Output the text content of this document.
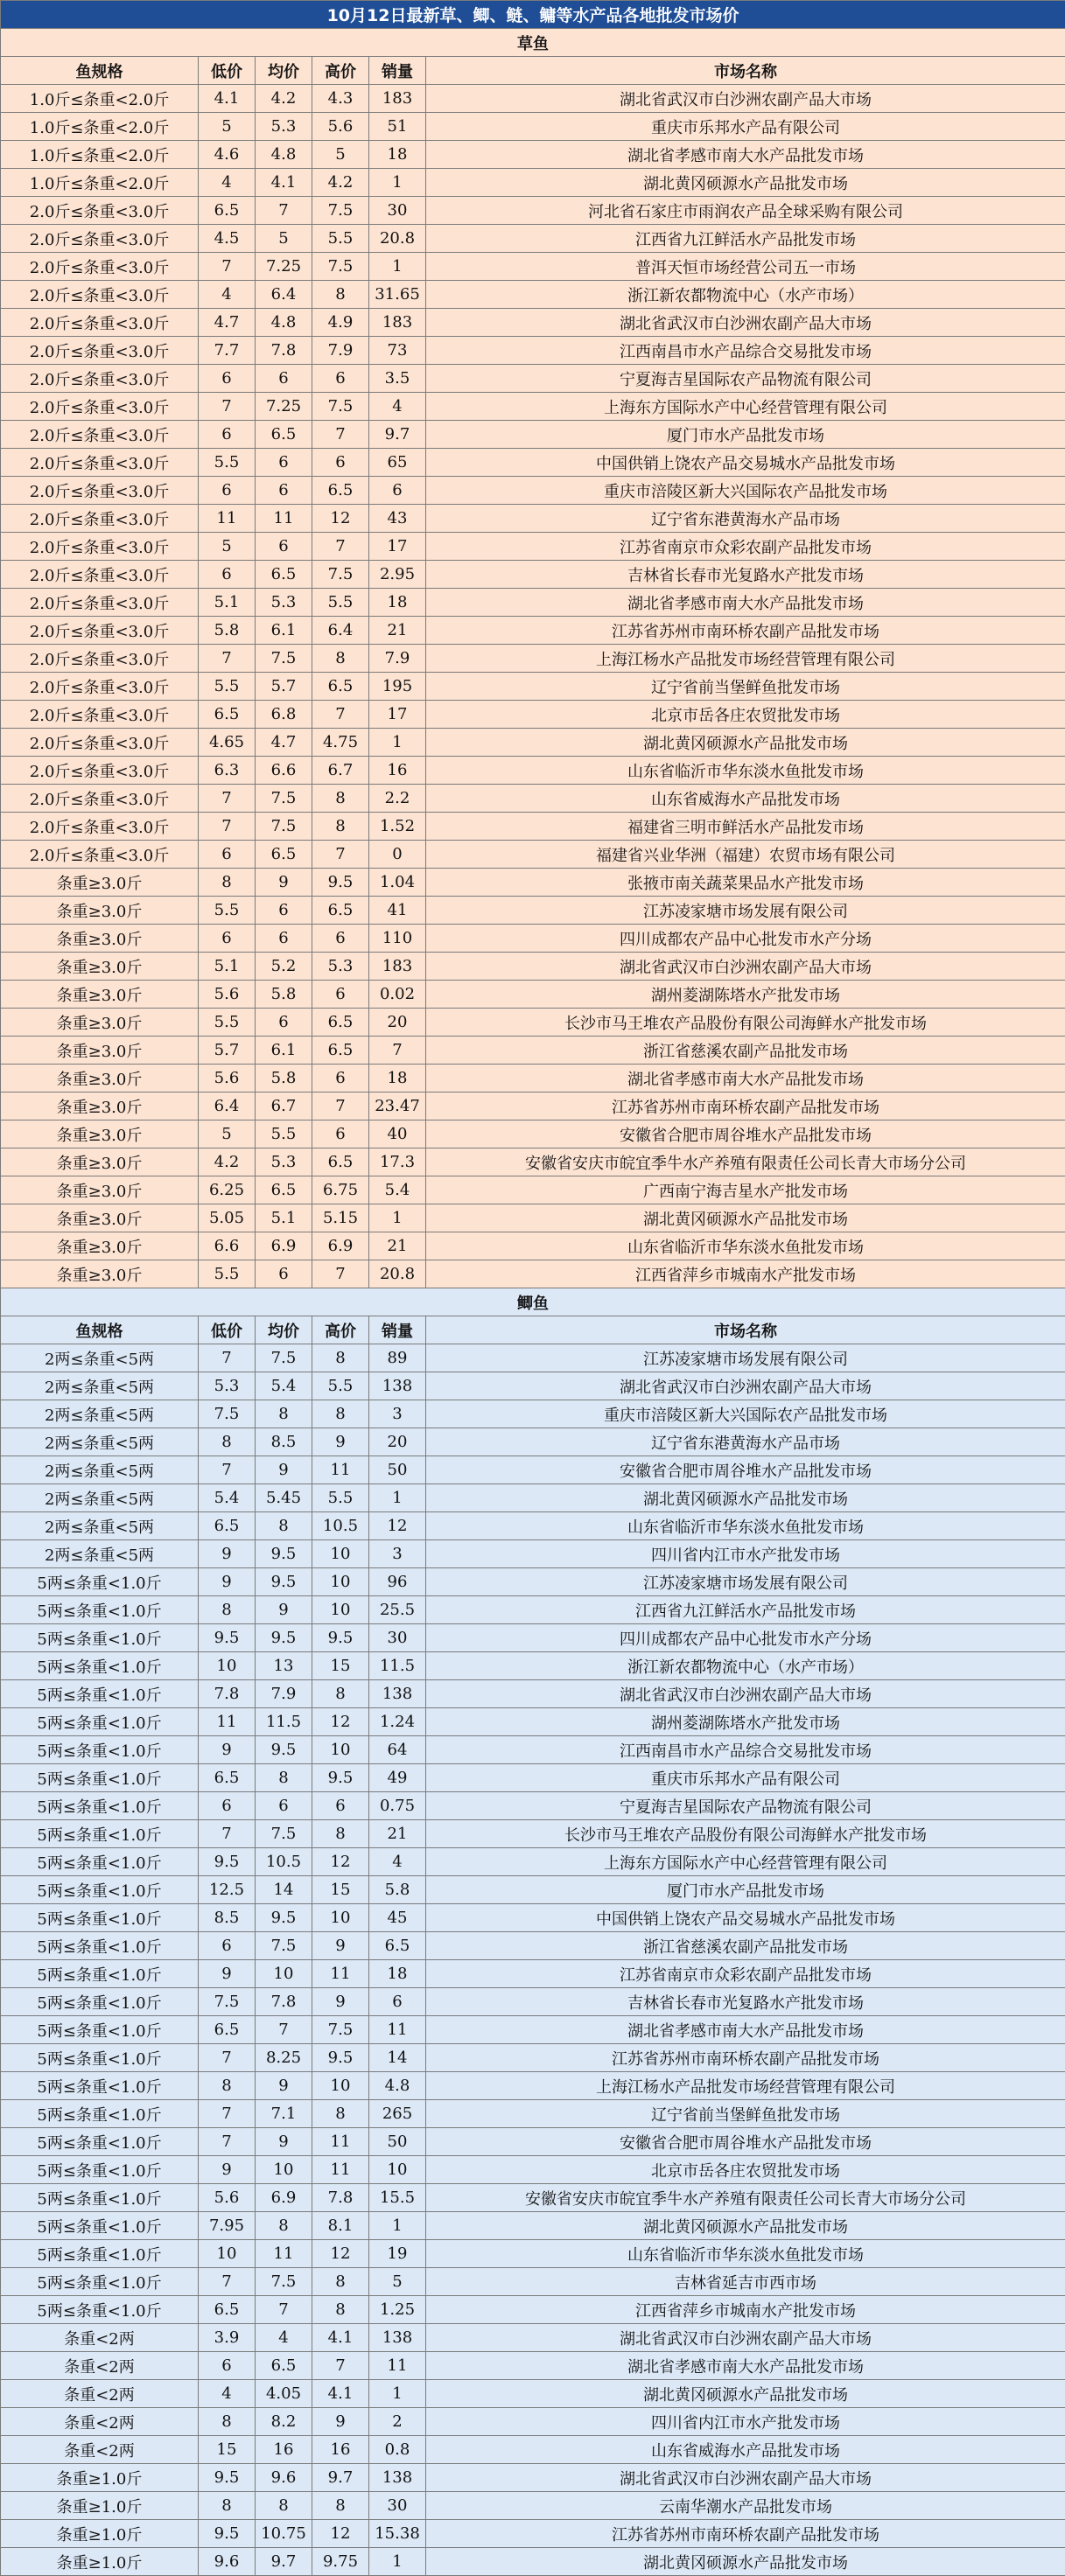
10月12日最新草、鲫、鲢、鳙等水产品各地批发市场价					
草鱼					
鱼规格	低价	均价	高价	销量	市场名称
1.0斤≤条重<2.0斤	4.1	4.2	4.3	183	湖北省武汉市白沙洲农副产品大市场
1.0斤≤条重<2.0斤	5	5.3	5.6	51	重庆市乐邦水产品有限公司
1.0斤≤条重<2.0斤	4.6	4.8	5	18	湖北省孝感市南大水产品批发市场
1.0斤≤条重<2.0斤	4	4.1	4.2	1	湖北黄冈硕源水产品批发市场
2.0斤≤条重<3.0斤	6.5	7	7.5	30	河北省石家庄市雨润农产品全球采购有限公司
2.0斤≤条重<3.0斤	4.5	5	5.5	20.8	江西省九江鲜活水产品批发市场
2.0斤≤条重<3.0斤	7	7.25	7.5	1	普洱天恒市场经营公司五一市场
2.0斤≤条重<3.0斤	4	6.4	8	31.65	浙江新农都物流中心（水产市场）
2.0斤≤条重<3.0斤	4.7	4.8	4.9	183	湖北省武汉市白沙洲农副产品大市场
2.0斤≤条重<3.0斤	7.7	7.8	7.9	73	江西南昌市水产品综合交易批发市场
2.0斤≤条重<3.0斤	6	6	6	3.5	宁夏海吉星国际农产品物流有限公司
2.0斤≤条重<3.0斤	7	7.25	7.5	4	上海东方国际水产中心经营管理有限公司
2.0斤≤条重<3.0斤	6	6.5	7	9.7	厦门市水产品批发市场
2.0斤≤条重<3.0斤	5.5	6	6	65	中国供销上饶农产品交易城水产品批发市场
2.0斤≤条重<3.0斤	6	6	6.5	6	重庆市涪陵区新大兴国际农产品批发市场
2.0斤≤条重<3.0斤	11	11	12	43	辽宁省东港黄海水产品市场
2.0斤≤条重<3.0斤	5	6	7	17	江苏省南京市众彩农副产品批发市场
2.0斤≤条重<3.0斤	6	6.5	7.5	2.95	吉林省长春市光复路水产批发市场
2.0斤≤条重<3.0斤	5.1	5.3	5.5	18	湖北省孝感市南大水产品批发市场
2.0斤≤条重<3.0斤	5.8	6.1	6.4	21	江苏省苏州市南环桥农副产品批发市场
2.0斤≤条重<3.0斤	7	7.5	8	7.9	上海江杨水产品批发市场经营管理有限公司
2.0斤≤条重<3.0斤	5.5	5.7	6.5	195	辽宁省前当堡鲜鱼批发市场
2.0斤≤条重<3.0斤	6.5	6.8	7	17	北京市岳各庄农贸批发市场
2.0斤≤条重<3.0斤	4.65	4.7	4.75	1	湖北黄冈硕源水产品批发市场
2.0斤≤条重<3.0斤	6.3	6.6	6.7	16	山东省临沂市华东淡水鱼批发市场
2.0斤≤条重<3.0斤	7	7.5	8	2.2	山东省威海水产品批发市场
2.0斤≤条重<3.0斤	7	7.5	8	1.52	福建省三明市鲜活水产品批发市场
2.0斤≤条重<3.0斤	6	6.5	7	0	福建省兴业华洲（福建）农贸市场有限公司
条重≥3.0斤	8	9	9.5	1.04	张掖市南关蔬菜果品水产批发市场
条重≥3.0斤	5.5	6	6.5	41	江苏凌家塘市场发展有限公司
条重≥3.0斤	6	6	6	110	四川成都农产品中心批发市水产分场
条重≥3.0斤	5.1	5.2	5.3	183	湖北省武汉市白沙洲农副产品大市场
条重≥3.0斤	5.6	5.8	6	0.02	湖州菱湖陈塔水产批发市场
条重≥3.0斤	5.5	6	6.5	20	长沙市马王堆农产品股份有限公司海鲜水产批发市场
条重≥3.0斤	5.7	6.1	6.5	7	浙江省慈溪农副产品批发市场
条重≥3.0斤	5.6	5.8	6	18	湖北省孝感市南大水产品批发市场
条重≥3.0斤	6.4	6.7	7	23.47	江苏省苏州市南环桥农副产品批发市场
条重≥3.0斤	5	5.5	6	40	安徽省合肥市周谷堆水产品批发市场
条重≥3.0斤	4.2	5.3	6.5	17.3	安徽省安庆市皖宜季牛水产养殖有限责任公司长青大市场分公司
条重≥3.0斤	6.25	6.5	6.75	5.4	广西南宁海吉星水产批发市场
条重≥3.0斤	5.05	5.1	5.15	1	湖北黄冈硕源水产品批发市场
条重≥3.0斤	6.6	6.9	6.9	21	山东省临沂市华东淡水鱼批发市场
条重≥3.0斤	5.5	6	7	20.8	江西省萍乡市城南水产批发市场
鲫鱼					
鱼规格	低价	均价	高价	销量	市场名称
2两≤条重<5两	7	7.5	8	89	江苏凌家塘市场发展有限公司
2两≤条重<5两	5.3	5.4	5.5	138	湖北省武汉市白沙洲农副产品大市场
2两≤条重<5两	7.5	8	8	3	重庆市涪陵区新大兴国际农产品批发市场
2两≤条重<5两	8	8.5	9	20	辽宁省东港黄海水产品市场
2两≤条重<5两	7	9	11	50	安徽省合肥市周谷堆水产品批发市场
2两≤条重<5两	5.4	5.45	5.5	1	湖北黄冈硕源水产品批发市场
2两≤条重<5两	6.5	8	10.5	12	山东省临沂市华东淡水鱼批发市场
2两≤条重<5两	9	9.5	10	3	四川省内江市水产批发市场
5两≤条重<1.0斤	9	9.5	10	96	江苏凌家塘市场发展有限公司
5两≤条重<1.0斤	8	9	10	25.5	江西省九江鲜活水产品批发市场
5两≤条重<1.0斤	9.5	9.5	9.5	30	四川成都农产品中心批发市水产分场
5两≤条重<1.0斤	10	13	15	11.5	浙江新农都物流中心（水产市场）
5两≤条重<1.0斤	7.8	7.9	8	138	湖北省武汉市白沙洲农副产品大市场
5两≤条重<1.0斤	11	11.5	12	1.24	湖州菱湖陈塔水产批发市场
5两≤条重<1.0斤	9	9.5	10	64	江西南昌市水产品综合交易批发市场
5两≤条重<1.0斤	6.5	8	9.5	49	重庆市乐邦水产品有限公司
5两≤条重<1.0斤	6	6	6	0.75	宁夏海吉星国际农产品物流有限公司
5两≤条重<1.0斤	7	7.5	8	21	长沙市马王堆农产品股份有限公司海鲜水产批发市场
5两≤条重<1.0斤	9.5	10.5	12	4	上海东方国际水产中心经营管理有限公司
5两≤条重<1.0斤	12.5	14	15	5.8	厦门市水产品批发市场
5两≤条重<1.0斤	8.5	9.5	10	45	中国供销上饶农产品交易城水产品批发市场
5两≤条重<1.0斤	6	7.5	9	6.5	浙江省慈溪农副产品批发市场
5两≤条重<1.0斤	9	10	11	18	江苏省南京市众彩农副产品批发市场
5两≤条重<1.0斤	7.5	7.8	9	6	吉林省长春市光复路水产批发市场
5两≤条重<1.0斤	6.5	7	7.5	11	湖北省孝感市南大水产品批发市场
5两≤条重<1.0斤	7	8.25	9.5	14	江苏省苏州市南环桥农副产品批发市场
5两≤条重<1.0斤	8	9	10	4.8	上海江杨水产品批发市场经营管理有限公司
5两≤条重<1.0斤	7	7.1	8	265	辽宁省前当堡鲜鱼批发市场
5两≤条重<1.0斤	7	9	11	50	安徽省合肥市周谷堆水产品批发市场
5两≤条重<1.0斤	9	10	11	10	北京市岳各庄农贸批发市场
5两≤条重<1.0斤	5.6	6.9	7.8	15.5	安徽省安庆市皖宜季牛水产养殖有限责任公司长青大市场分公司
5两≤条重<1.0斤	7.95	8	8.1	1	湖北黄冈硕源水产品批发市场
5两≤条重<1.0斤	10	11	12	19	山东省临沂市华东淡水鱼批发市场
5两≤条重<1.0斤	7	7.5	8	5	吉林省延吉市西市场
5两≤条重<1.0斤	6.5	7	8	1.25	江西省萍乡市城南水产批发市场
条重<2两	3.9	4	4.1	138	湖北省武汉市白沙洲农副产品大市场
条重<2两	6	6.5	7	11	湖北省孝感市南大水产品批发市场
条重<2两	4	4.05	4.1	1	湖北黄冈硕源水产品批发市场
条重<2两	8	8.2	9	2	四川省内江市水产批发市场
条重<2两	15	16	16	0.8	山东省威海水产品批发市场
条重≥1.0斤	9.5	9.6	9.7	138	湖北省武汉市白沙洲农副产品大市场
条重≥1.0斤	8	8	8	30	云南华潮水产品批发市场
条重≥1.0斤	9.5	10.75	12	15.38	江苏省苏州市南环桥农副产品批发市场
条重≥1.0斤	9.6	9.7	9.75	1	湖北黄冈硕源水产品批发市场
